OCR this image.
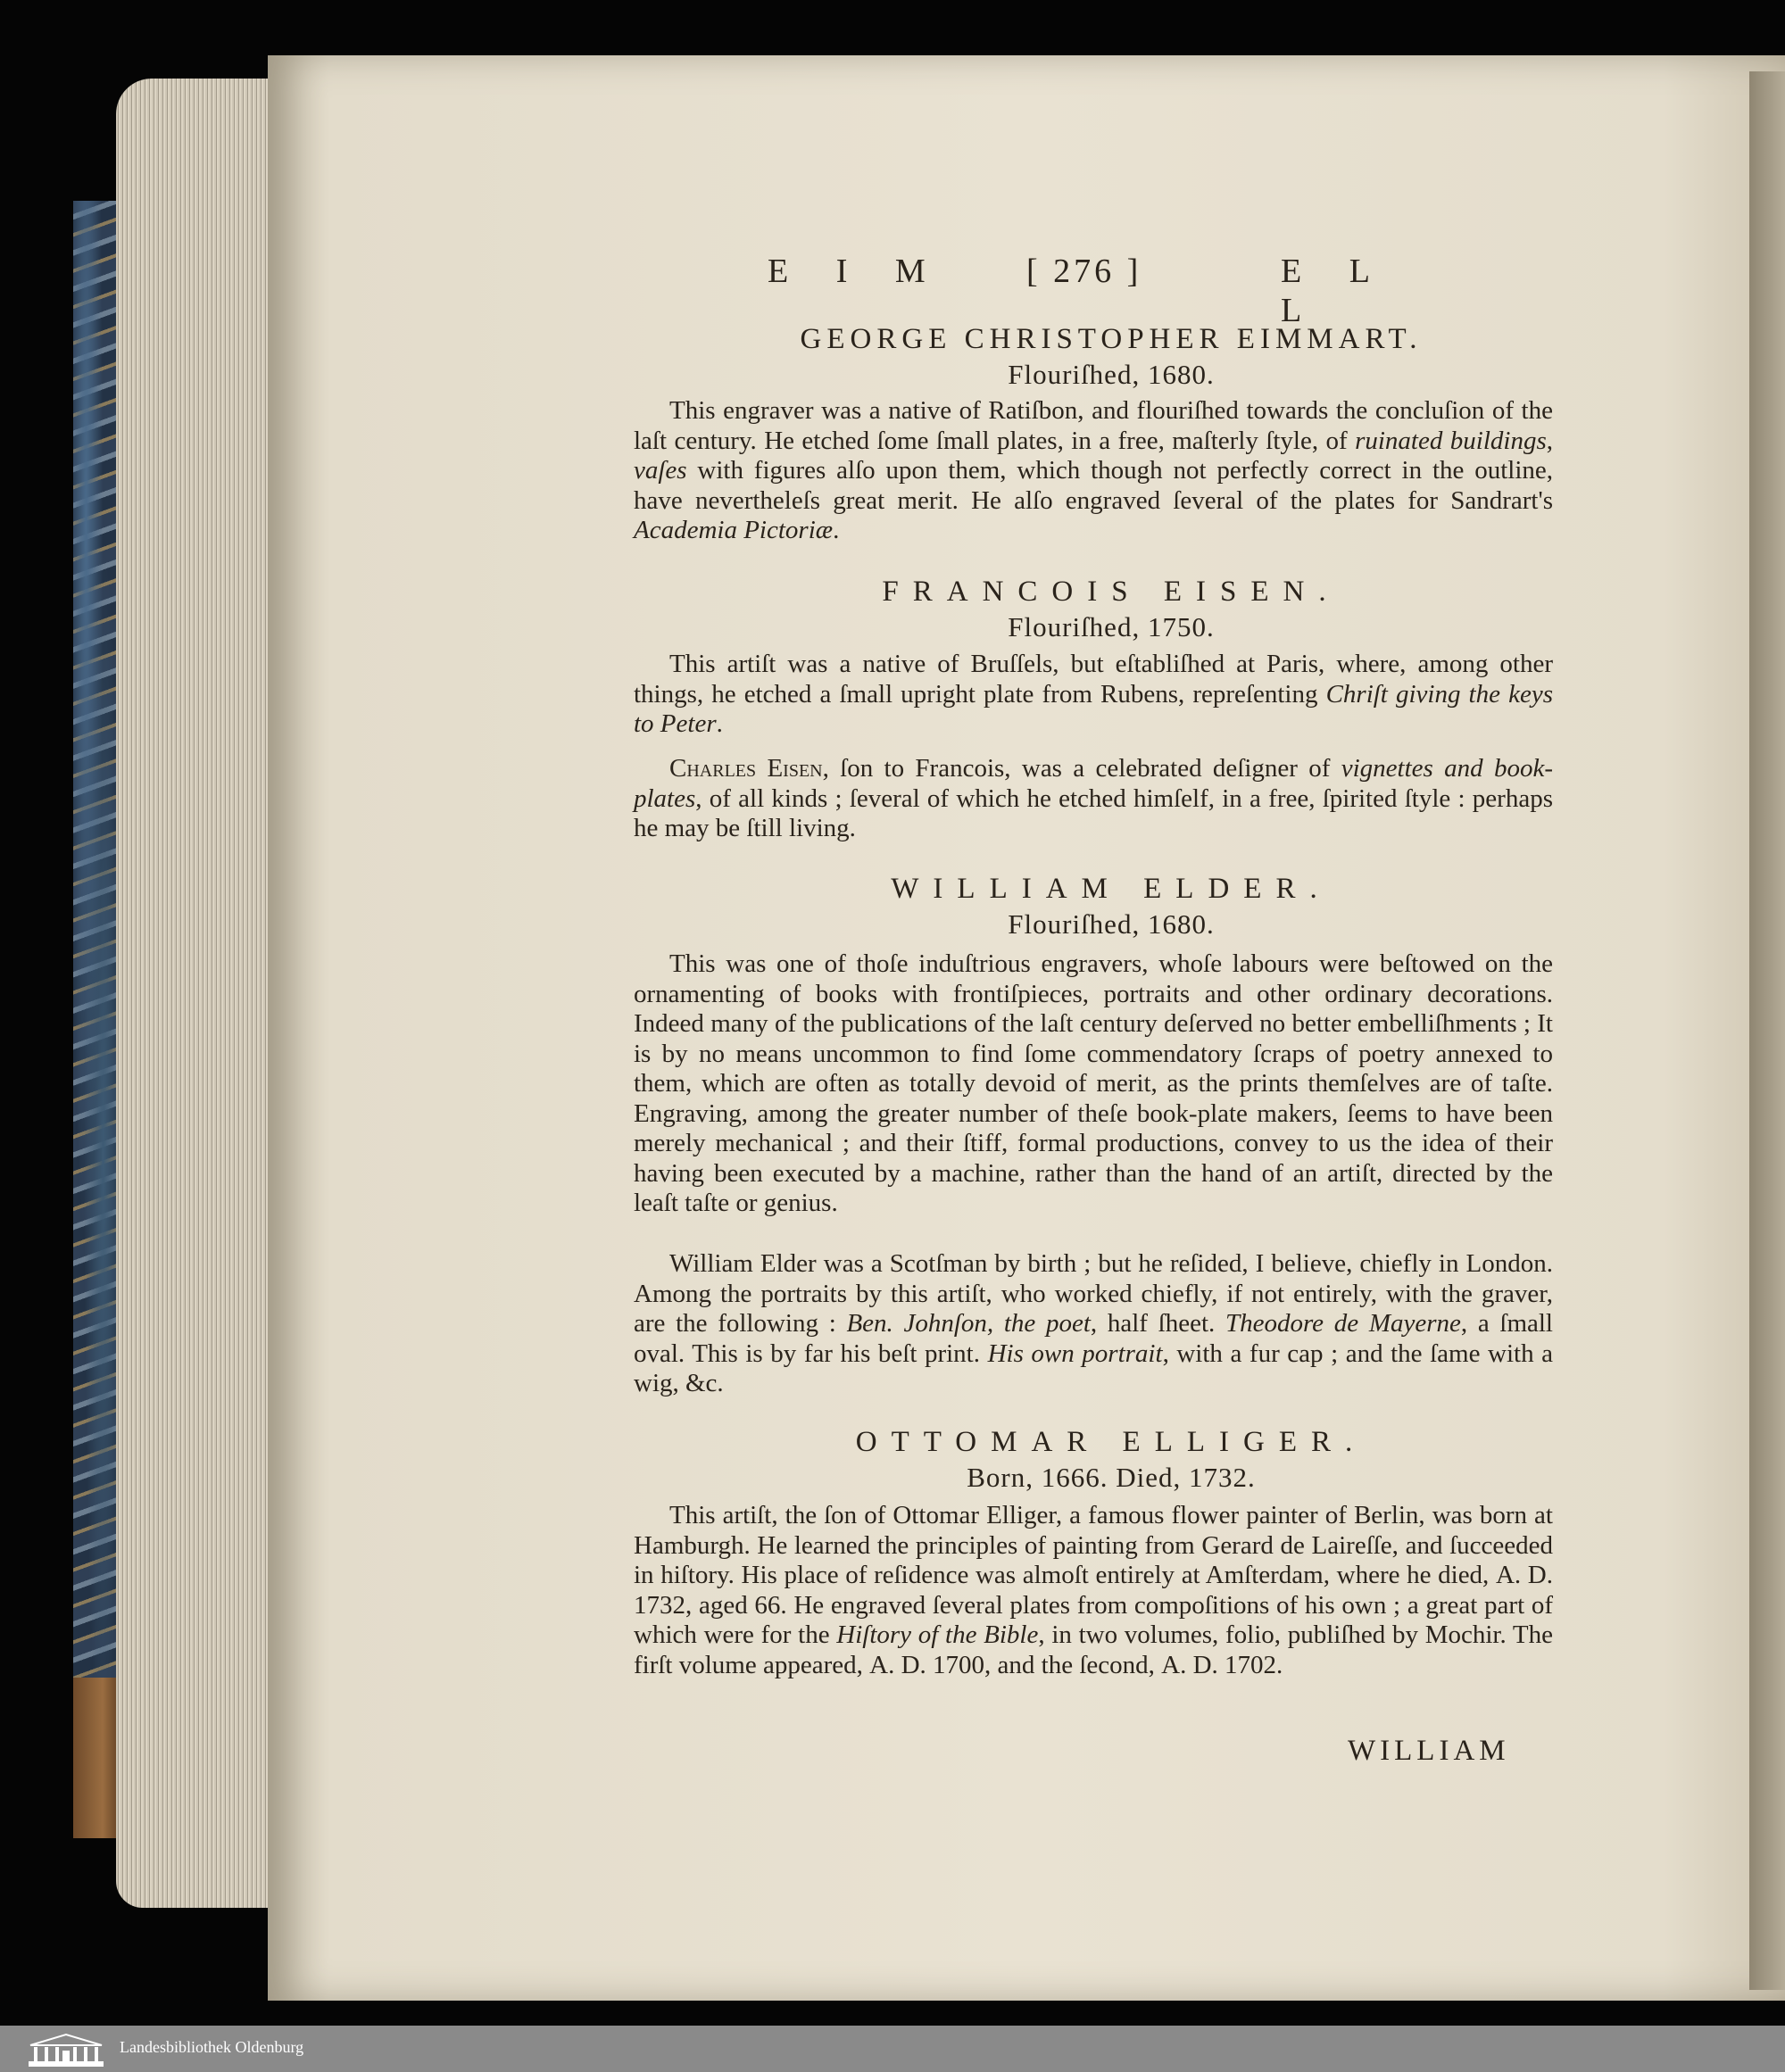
E I M [ 276 ]	E L L
GEORGE CHRISTOPHER EIMMART.
Flouriſhed, 1680.

This engraver was a native of Ratiſbon, and flouriſhed towards the concluſion of the laſt century. He etched ſome ſmall plates, in a free, maſterly ſtyle, of ruinated buildings, vaſes with figures alſo upon them, which though not perfectly correct in the outline, have nevertheleſs great merit. He alſo engraved ſeveral of the plates for Sandrart's Academia Pictoriæ.

FRANCOIS EISEN.
Flouriſhed, 1750.

This artiſt was a native of Bruſſels, but eſtabliſhed at Paris, where, among other things, he etched a ſmall upright plate from Rubens, repreſenting Chriſt giving the keys to Peter.

Charles Eisen, ſon to Francois, was a celebrated deſigner of vignettes and book-plates, of all kinds ; ſeveral of which he etched himſelf, in a free, ſpirited ſtyle : perhaps he may be ſtill living.

WILLIAM ELDER.
Flouriſhed, 1680.

This was one of thoſe induſtrious engravers, whoſe labours were beſtowed on the ornamenting of books with frontiſpieces, portraits and other ordinary decorations. Indeed many of the publications of the laſt century deſerved no better embelliſhments ; It is by no means uncommon to find ſome commendatory ſcraps of poetry annexed to them, which are often as totally devoid of merit, as the prints themſelves are of taſte. Engraving, among the greater number of theſe book-plate makers, ſeems to have been merely mechanical ; and their ſtiff, formal productions, convey to us the idea of their having been executed by a machine, rather than the hand of an artiſt, directed by the leaſt taſte or genius.

William Elder was a Scotſman by birth ; but he reſided, I believe, chiefly in London. Among the portraits by this artiſt, who worked chiefly, if not entirely, with the graver, are the following : Ben. Johnſon, the poet, half ſheet. Theodore de Mayerne, a ſmall oval. This is by far his beſt print. His own portrait, with a fur cap ; and the ſame with a wig, &c.

OTTOMAR ELLIGER.
Born, 1666. Died, 1732.

This artiſt, the ſon of Ottomar Elliger, a famous flower painter of Berlin, was born at Hamburgh. He learned the principles of painting from Gerard de Laireſſe, and ſucceeded in hiſtory. His place of reſidence was almoſt entirely at Amſterdam, where he died, A. D. 1732, aged 66. He engraved ſeveral plates from compoſitions of his own ; a great part of which were for the Hiſtory of the Bible, in two volumes, folio, publiſhed by Mochir. The firſt volume appeared, A. D. 1700, and the ſecond, A. D. 1702.

WILLIAM
Landesbibliothek Oldenburg
